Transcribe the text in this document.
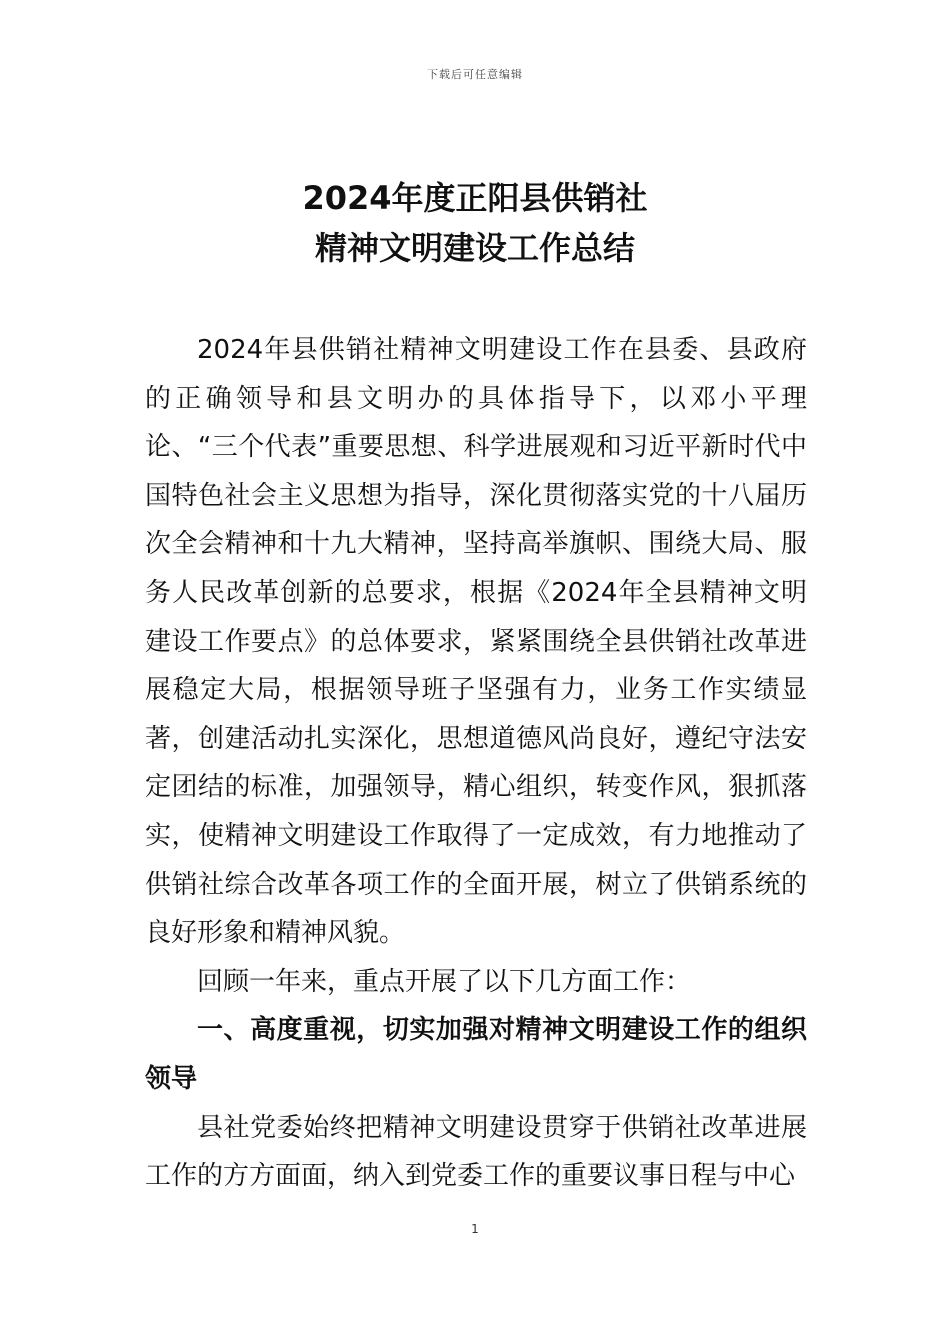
下载后可任意编辑
2024年度正阳县供销社
精神文明建设工作总结

2024年县供销社精神文明建设工作在县委、县政府的正确领导和县文明办的具体指导下，以邓小平理论、“三个代表”重要思想、科学进展观和习近平新时代中国特色社会主义思想为指导，深化贯彻落实党的十八届历次全会精神和十九大精神，坚持高举旗帜、围绕大局、服务人民改革创新的总要求，根据《2024年全县精神文明建设工作要点》的总体要求，紧紧围绕全县供销社改革进展稳定大局，根据领导班子坚强有力，业务工作实绩显著，创建活动扎实深化，思想道德风尚良好，遵纪守法安定团结的标准，加强领导，精心组织，转变作风，狠抓落实，使精神文明建设工作取得了一定成效，有力地推动了供销社综合改革各项工作的全面开展，树立了供销系统的良好形象和精神风貌。

回顾一年来，重点开展了以下几方面工作：

一、高度重视，切实加强对精神文明建设工作的组织领导

县社党委始终把精神文明建设贯穿于供销社改革进展工作的方方面面，纳入到党委工作的重要议事日程与中心

1
